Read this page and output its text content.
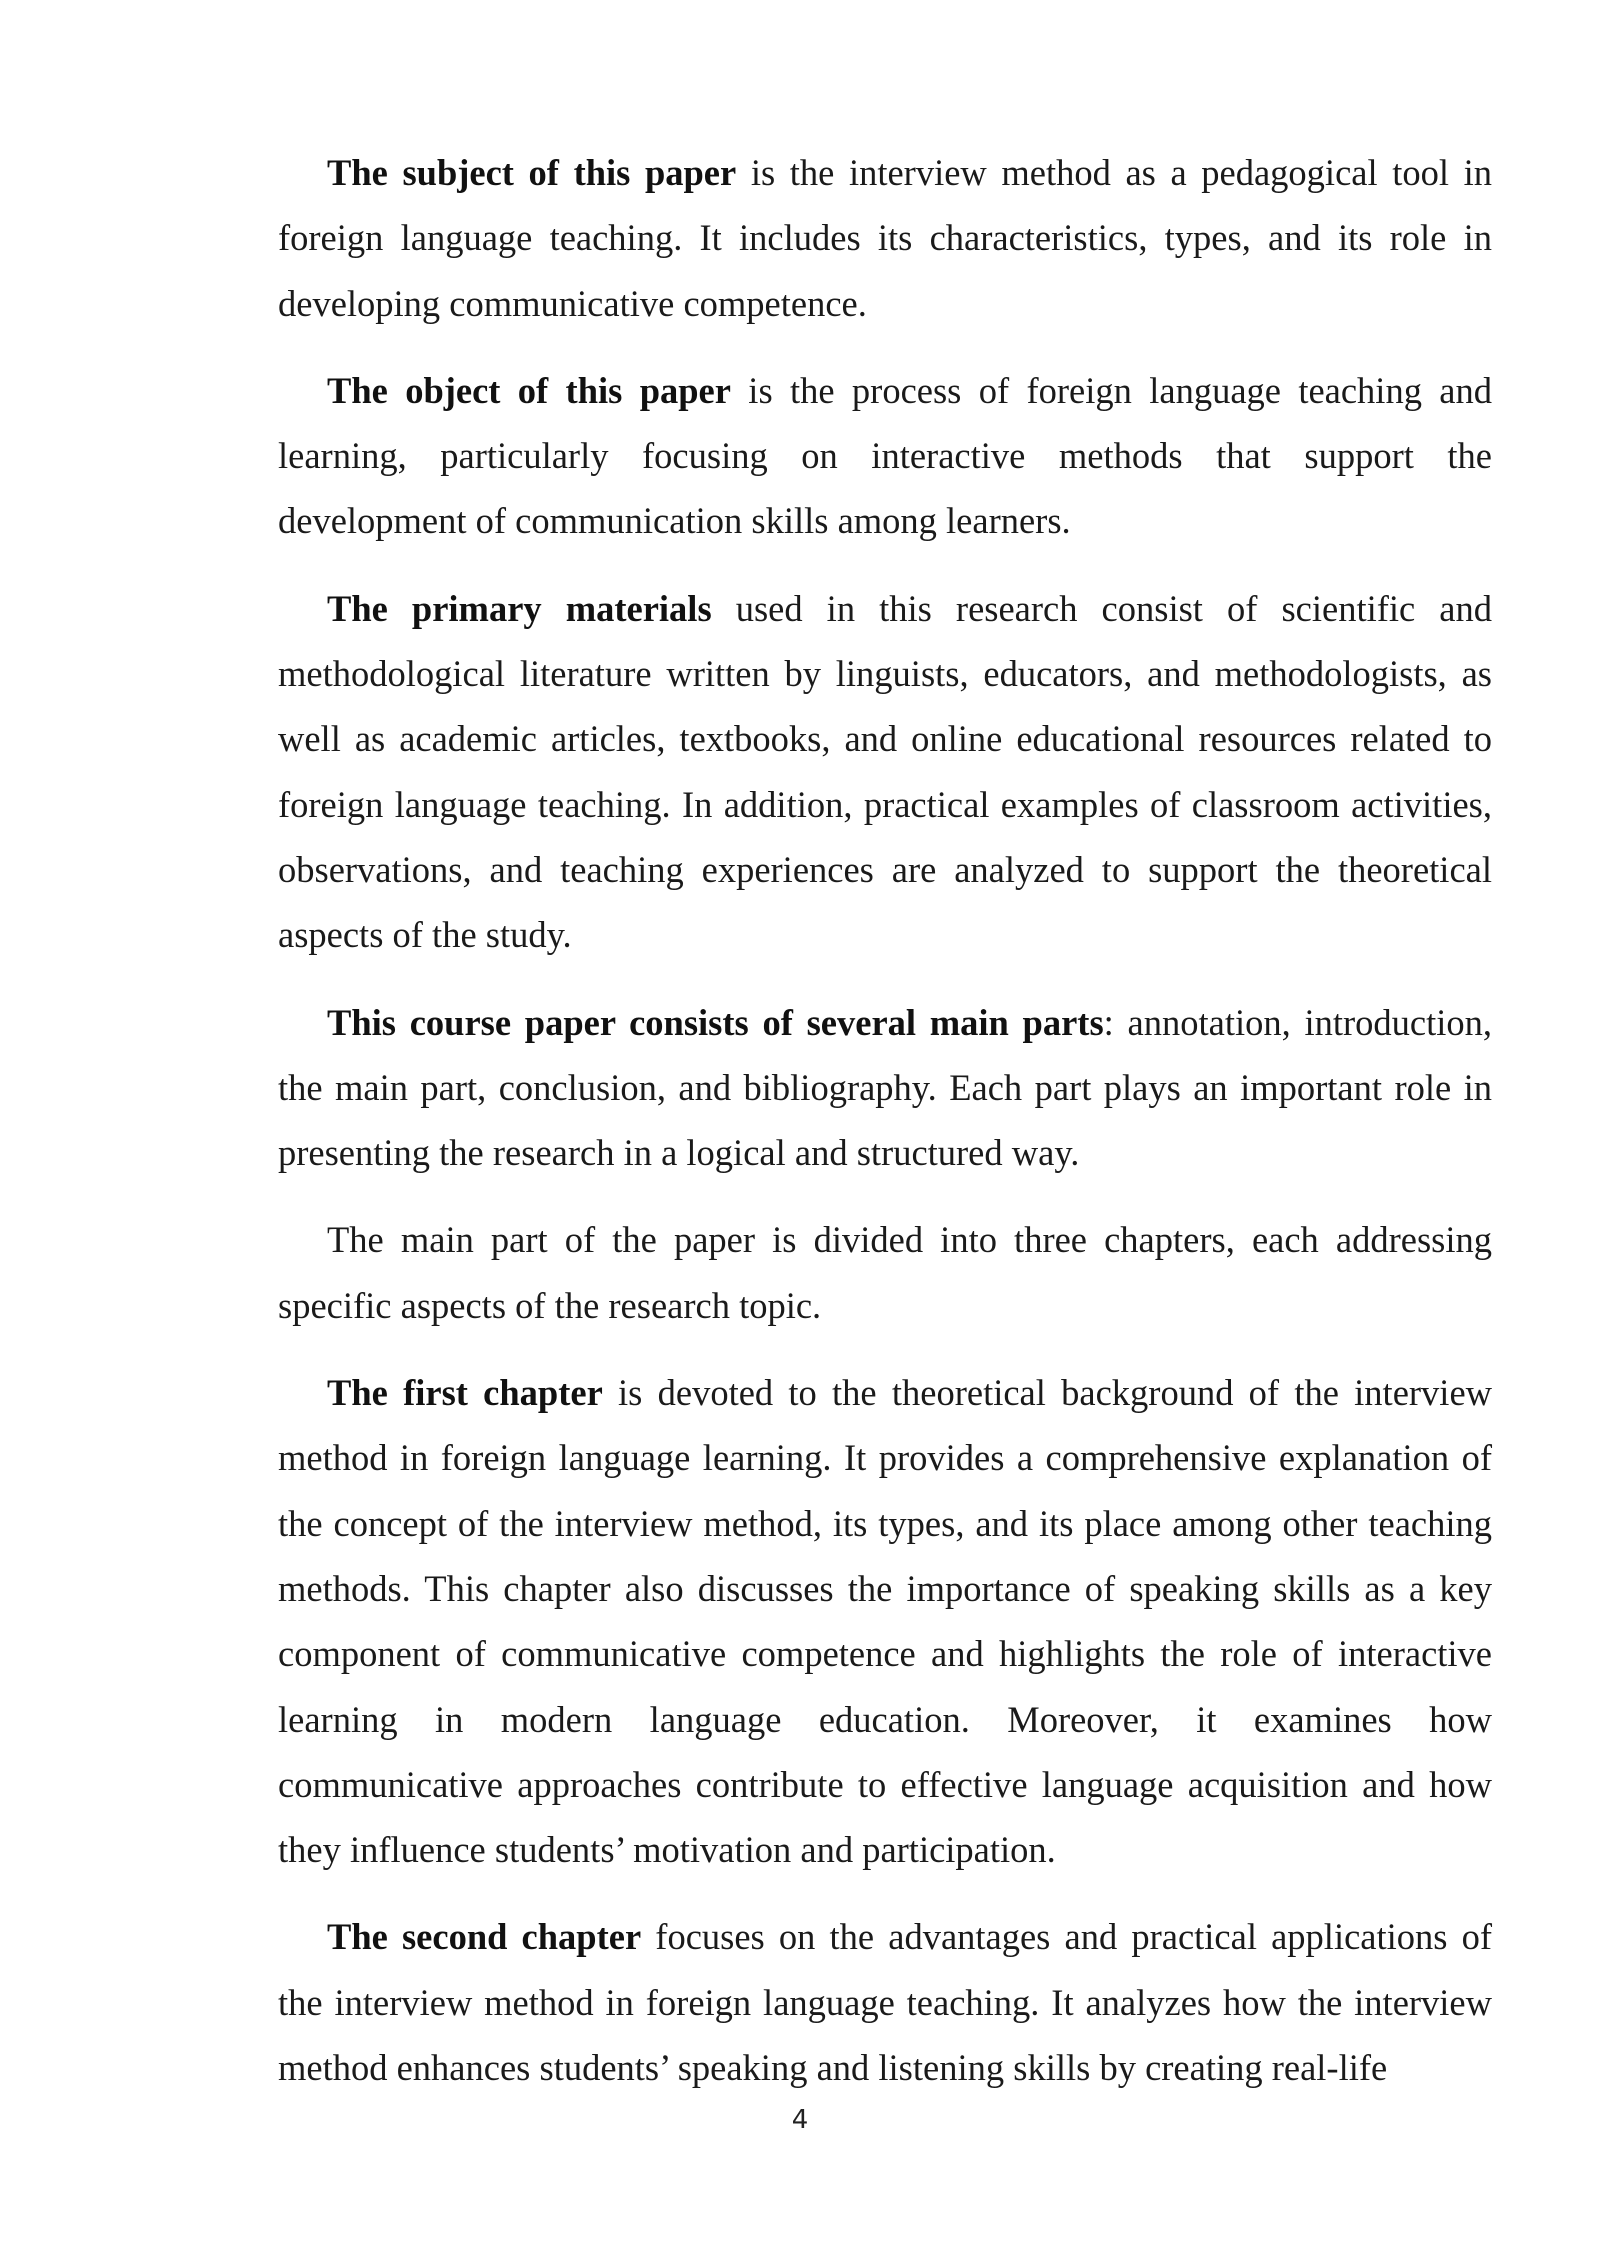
The subject of this paper is the interview method as a pedagogical tool in foreign language teaching. It includes its characteristics, types, and its role in developing communicative competence.

The object of this paper is the process of foreign language teaching and learning, particularly focusing on interactive methods that support the development of communication skills among learners.

The primary materials used in this research consist of scientific and methodological literature written by linguists, educators, and methodologists, as well as academic articles, textbooks, and online educational resources related to foreign language teaching. In addition, practical examples of classroom activities, observations, and teaching experiences are analyzed to support the theoretical aspects of the study.

This course paper consists of several main parts: annotation, introduction, the main part, conclusion, and bibliography. Each part plays an important role in presenting the research in a logical and structured way.

The main part of the paper is divided into three chapters, each addressing specific aspects of the research topic.

The first chapter is devoted to the theoretical background of the interview method in foreign language learning. It provides a comprehensive explanation of the concept of the interview method, its types, and its place among other teaching methods. This chapter also discusses the importance of speaking skills as a key component of communicative competence and highlights the role of interactive learning in modern language education. Moreover, it examines how communicative approaches contribute to effective language acquisition and how they influence students’ motivation and participation.

The second chapter focuses on the advantages and practical applications of the interview method in foreign language teaching. It analyzes how the interview method enhances students’ speaking and listening skills by creating real-life

4
